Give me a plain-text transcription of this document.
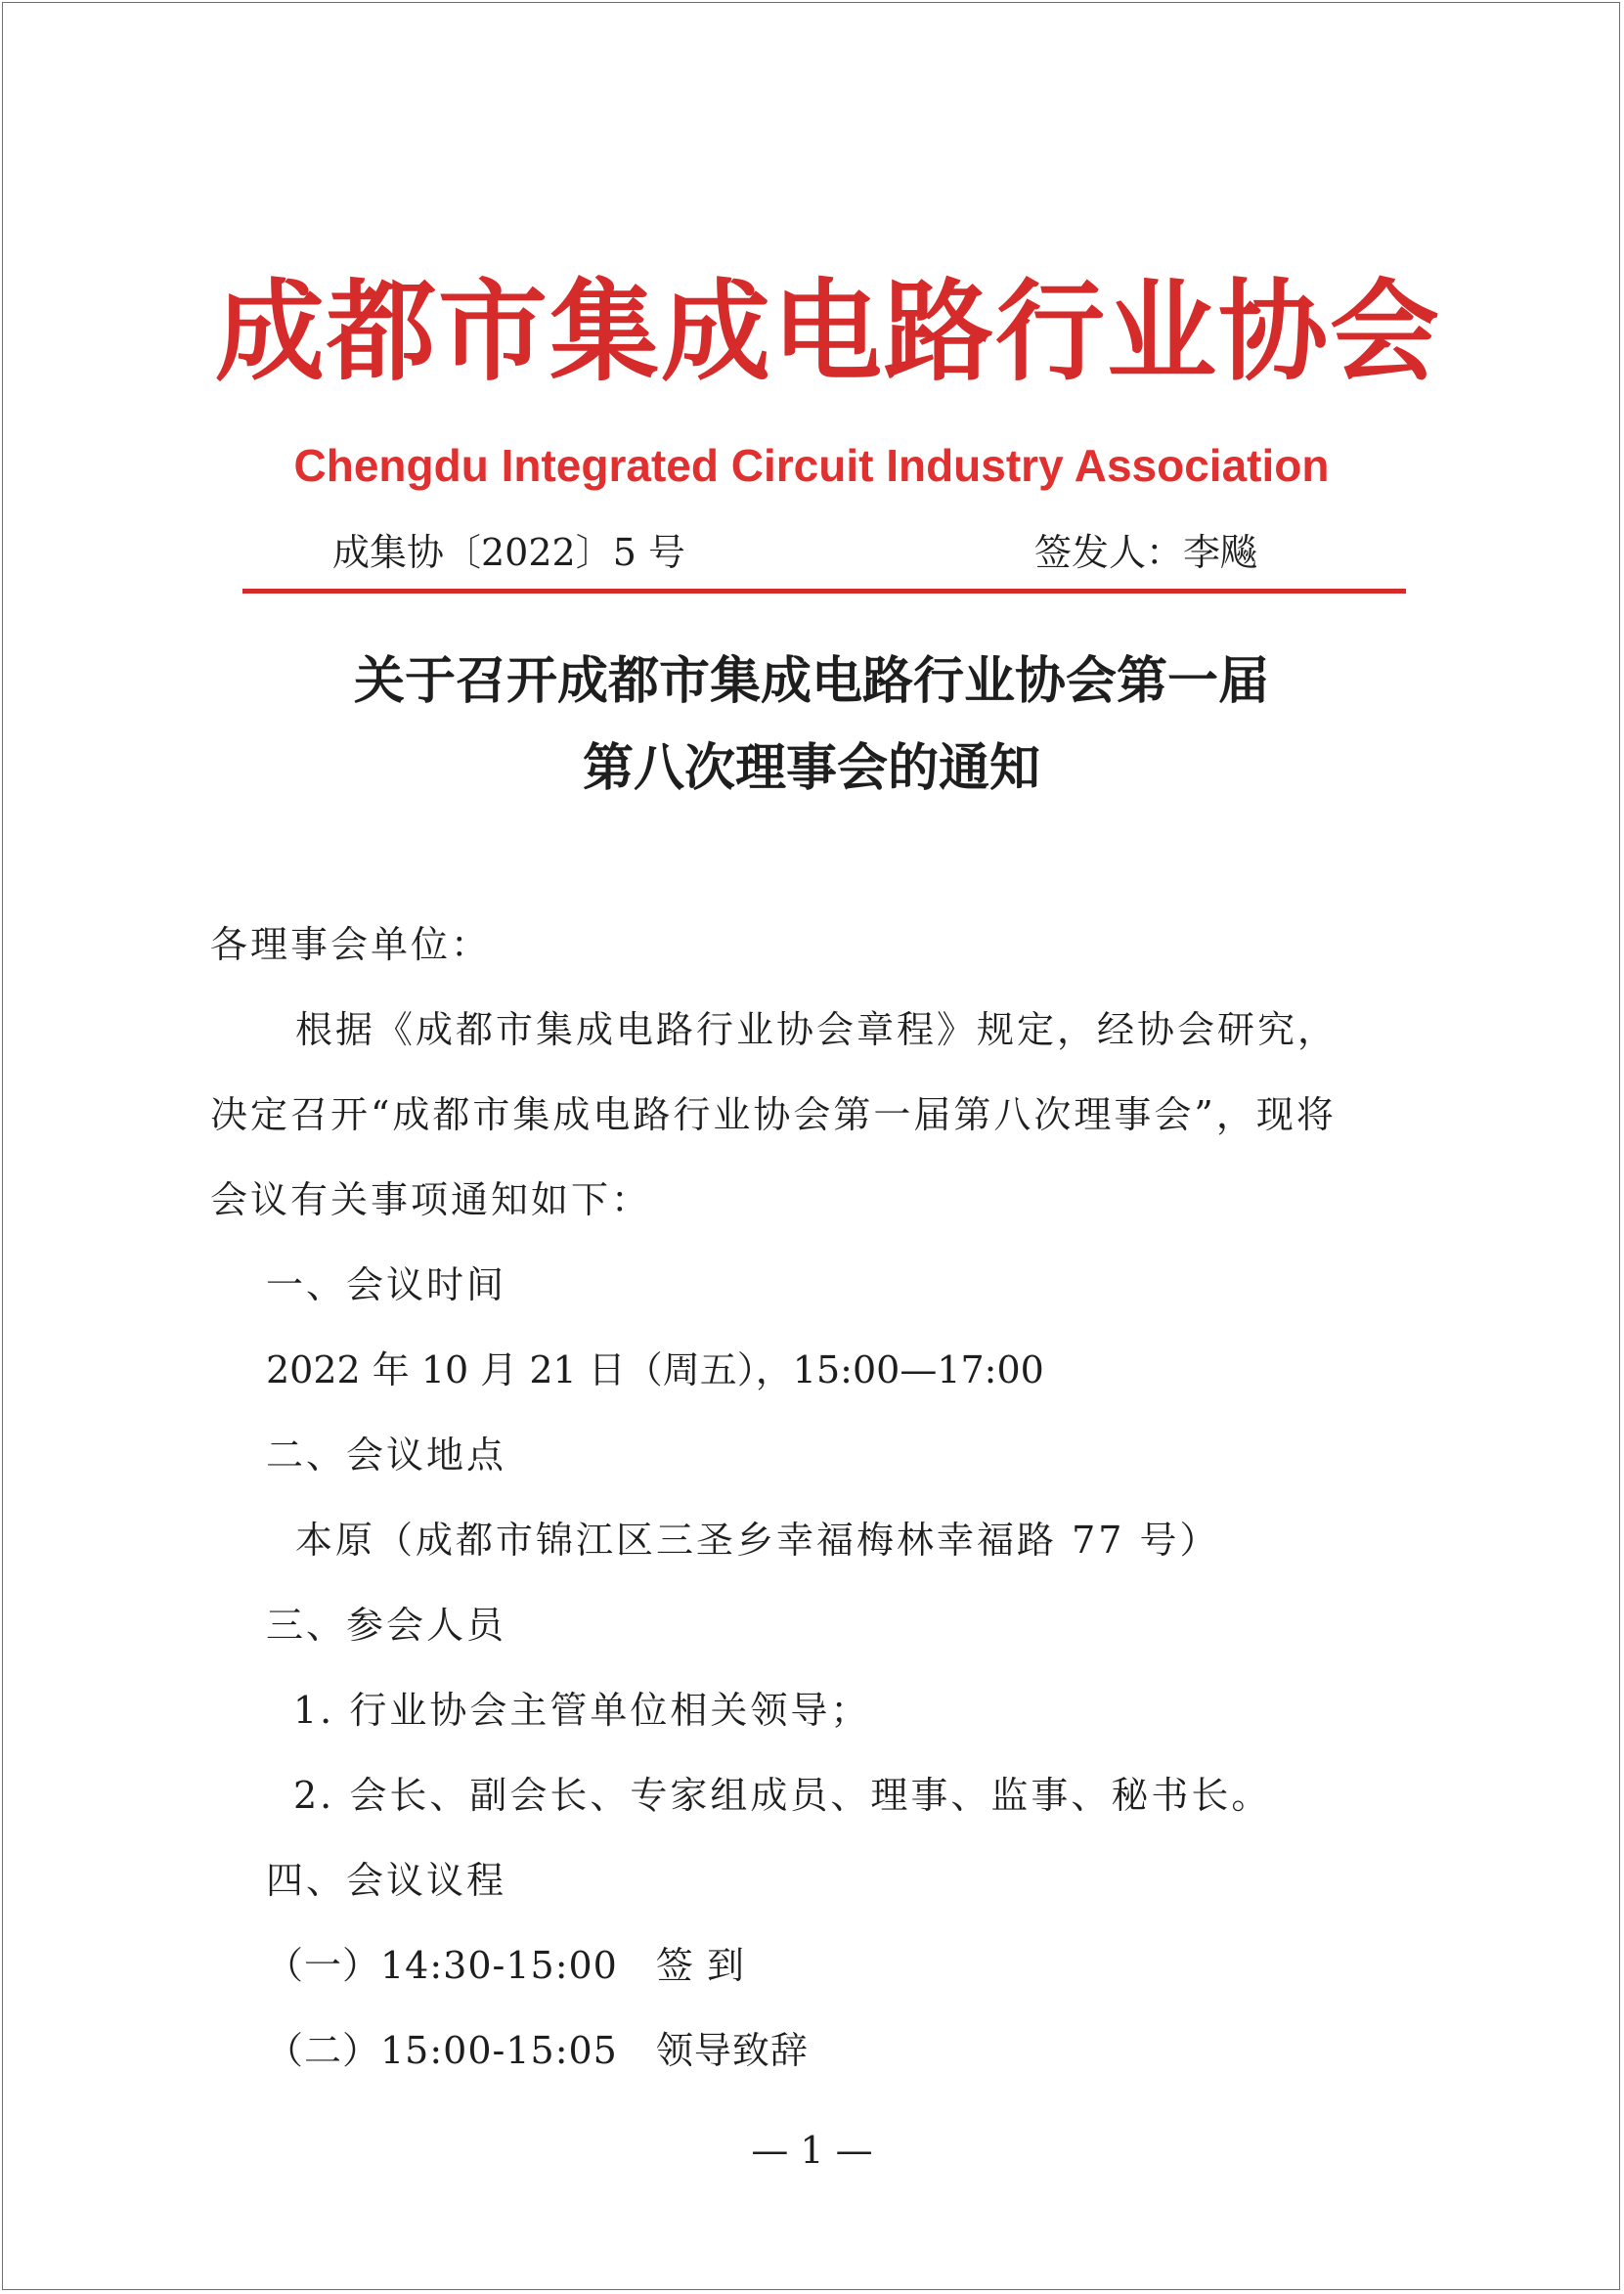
成都市集成电路行业协会
Chengdu Integrated Circuit Industry Association
成集协〔2022〕5 号	签发人：李飚
关于召开成都市集成电路行业协会第一届
第八次理事会的通知
各理事会单位：
根据《成都市集成电路行业协会章程》规定，经协会研究，
决定召开“成都市集成电路行业协会第一届第八次理事会”，现将
会议有关事项通知如下：
一、会议时间
2022 年 10 月 21 日（周五），15:00—17:00
二、会议地点
本原（成都市锦江区三圣乡幸福梅林幸福路 77 号）
三、参会人员
1. 行业协会主管单位相关领导；
2. 会长、副会长、专家组成员、理事、监事、秘书长。
四、会议议程
（一）14:30-15:00　签 到
（二）15:00-15:05　领导致辞
— 1 —
